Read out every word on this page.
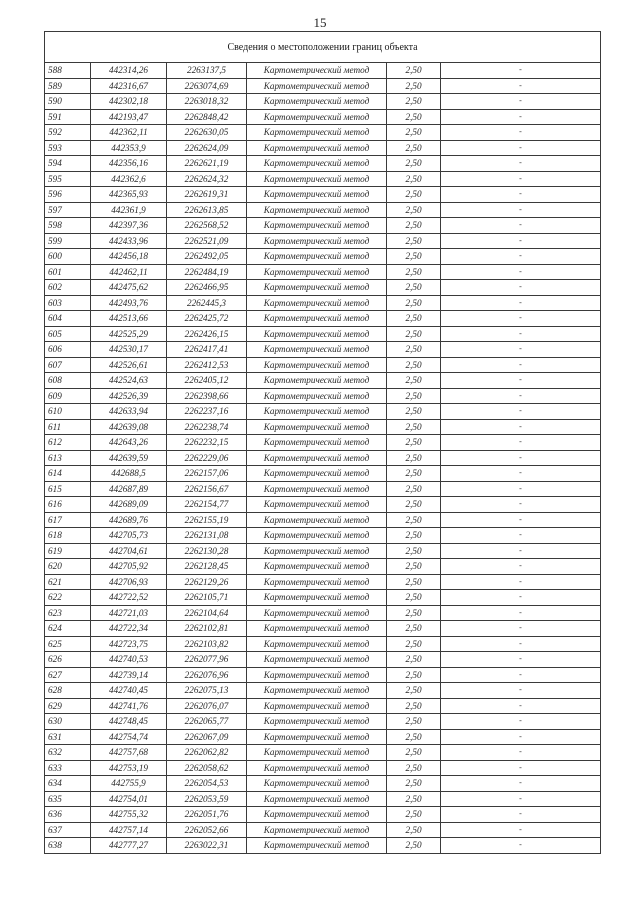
15
Сведения о местоположении границ объекта					
588	442314,26	2263137,5	Картометрический метод	2,50	-
589	442316,67	2263074,69	Картометрический метод	2,50	-
590	442302,18	2263018,32	Картометрический метод	2,50	-
591	442193,47	2262848,42	Картометрический метод	2,50	-
592	442362,11	2262630,05	Картометрический метод	2,50	-
593	442353,9	2262624,09	Картометрический метод	2,50	-
594	442356,16	2262621,19	Картометрический метод	2,50	-
595	442362,6	2262624,32	Картометрический метод	2,50	-
596	442365,93	2262619,31	Картометрический метод	2,50	-
597	442361,9	2262613,85	Картометрический метод	2,50	-
598	442397,36	2262568,52	Картометрический метод	2,50	-
599	442433,96	2262521,09	Картометрический метод	2,50	-
600	442456,18	2262492,05	Картометрический метод	2,50	-
601	442462,11	2262484,19	Картометрический метод	2,50	-
602	442475,62	2262466,95	Картометрический метод	2,50	-
603	442493,76	2262445,3	Картометрический метод	2,50	-
604	442513,66	2262425,72	Картометрический метод	2,50	-
605	442525,29	2262426,15	Картометрический метод	2,50	-
606	442530,17	2262417,41	Картометрический метод	2,50	-
607	442526,61	2262412,53	Картометрический метод	2,50	-
608	442524,63	2262405,12	Картометрический метод	2,50	-
609	442526,39	2262398,66	Картометрический метод	2,50	-
610	442633,94	2262237,16	Картометрический метод	2,50	-
611	442639,08	2262238,74	Картометрический метод	2,50	-
612	442643,26	2262232,15	Картометрический метод	2,50	-
613	442639,59	2262229,06	Картометрический метод	2,50	-
614	442688,5	2262157,06	Картометрический метод	2,50	-
615	442687,89	2262156,67	Картометрический метод	2,50	-
616	442689,09	2262154,77	Картометрический метод	2,50	-
617	442689,76	2262155,19	Картометрический метод	2,50	-
618	442705,73	2262131,08	Картометрический метод	2,50	-
619	442704,61	2262130,28	Картометрический метод	2,50	-
620	442705,92	2262128,45	Картометрический метод	2,50	-
621	442706,93	2262129,26	Картометрический метод	2,50	-
622	442722,52	2262105,71	Картометрический метод	2,50	-
623	442721,03	2262104,64	Картометрический метод	2,50	-
624	442722,34	2262102,81	Картометрический метод	2,50	-
625	442723,75	2262103,82	Картометрический метод	2,50	-
626	442740,53	2262077,96	Картометрический метод	2,50	-
627	442739,14	2262076,96	Картометрический метод	2,50	-
628	442740,45	2262075,13	Картометрический метод	2,50	-
629	442741,76	2262076,07	Картометрический метод	2,50	-
630	442748,45	2262065,77	Картометрический метод	2,50	-
631	442754,74	2262067,09	Картометрический метод	2,50	-
632	442757,68	2262062,82	Картометрический метод	2,50	-
633	442753,19	2262058,62	Картометрический метод	2,50	-
634	442755,9	2262054,53	Картометрический метод	2,50	-
635	442754,01	2262053,59	Картометрический метод	2,50	-
636	442755,32	2262051,76	Картометрический метод	2,50	-
637	442757,14	2262052,66	Картометрический метод	2,50	-
638	442777,27	2263022,31	Картометрический метод	2,50	-
